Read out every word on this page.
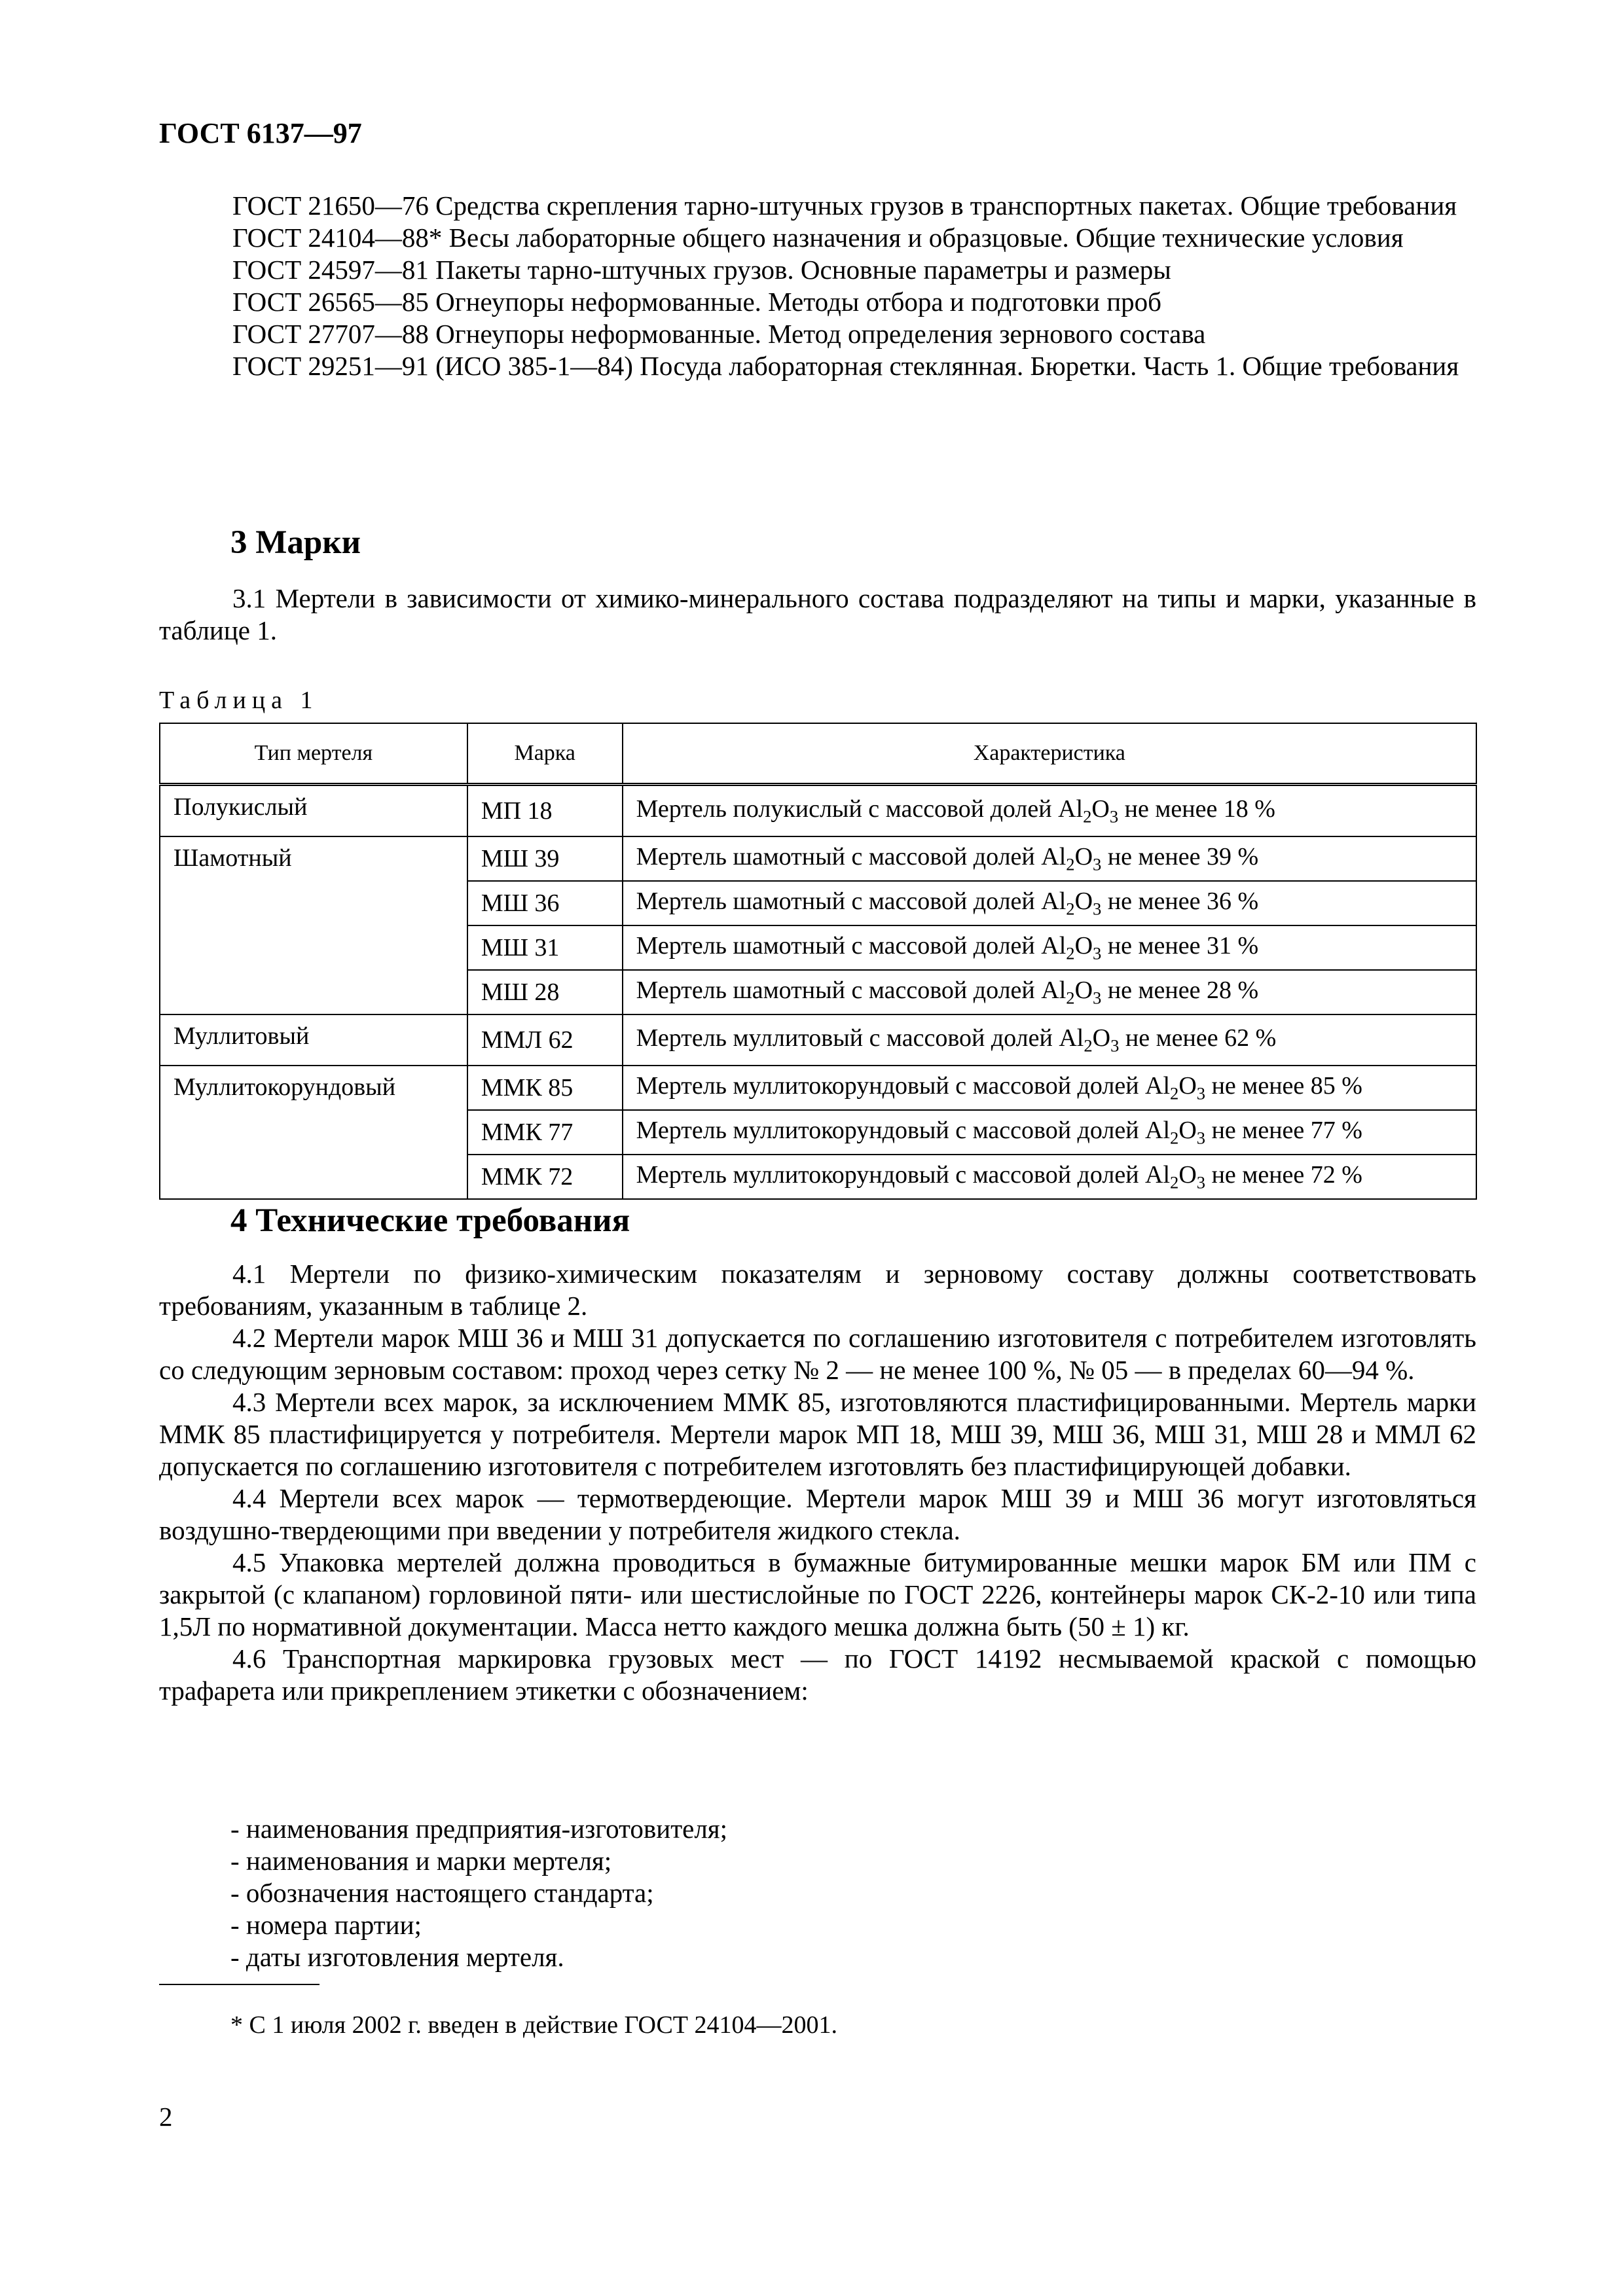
ГОСТ 6137—97

ГОСТ 21650—76 Средства скрепления тарно-штучных грузов в транспортных пакетах. Общие требования

ГОСТ 24104—88* Весы лабораторные общего назначения и образцовые. Общие технические условия

ГОСТ 24597—81 Пакеты тарно-штучных грузов. Основные параметры и размеры

ГОСТ 26565—85 Огнеупоры неформованные. Методы отбора и подготовки проб

ГОСТ 27707—88 Огнеупоры неформованные. Метод определения зернового состава

ГОСТ 29251—91 (ИСО 385-1—84) Посуда лабораторная стеклянная. Бюретки. Часть 1. Общие требования

3 Марки

3.1 Мертели в зависимости от химико-минерального состава подразделяют на типы и марки, указанные в таблице 1.

Таблица 1
Тип мертеля	Марка	Характеристика
Полукислый	МП 18	Мертель полукислый с массовой долей $Al_2O_3$ не менее 18 %
Шамотный	МШ 39	Мертель шамотный с массовой долей $Al_2O_3$ не менее 39 %
	МШ 36	Мертель шамотный с массовой долей $Al_2O_3$ не менее 36 %
	МШ 31	Мертель шамотный с массовой долей $Al_2O_3$ не менее 31 %
	МШ 28	Мертель шамотный с массовой долей $Al_2O_3$ не менее 28 %
Муллитовый	ММЛ 62	Мертель муллитовый с массовой долей $Al_2O_3$ не менее 62 %
Муллитокорундовый	ММК 85	Мертель муллитокорундовый с массовой долей $Al_2O_3$ не менее 85 %
	ММК 77	Мертель муллитокорундовый с массовой долей $Al_2O_3$ не менее 77 %
	ММК 72	Мертель муллитокорундовый с массовой долей $Al_2O_3$ не менее 72 %
4 Технические требования

4.1 Мертели по физико-химическим показателям и зерновому составу должны соответствовать требованиям, указанным в таблице 2.

4.2 Мертели марок МШ 36 и МШ 31 допускается по соглашению изготовителя с потребителем изготовлять со следующим зерновым составом: проход через сетку № 2 — не менее 100 %, № 05 — в пределах 60—94 %.

4.3 Мертели всех марок, за исключением ММК 85, изготовляются пластифицированными. Мертель марки ММК 85 пластифицируется у потребителя. Мертели марок МП 18, МШ 39, МШ 36, МШ 31, МШ 28 и ММЛ 62 допускается по соглашению изготовителя с потребителем изготовлять без пластифицирующей добавки.

4.4 Мертели всех марок — термотвердеющие. Мертели марок МШ 39 и МШ 36 могут изготовляться воздушно-твердеющими при введении у потребителя жидкого стекла.

4.5 Упаковка мертелей должна проводиться в бумажные битумированные мешки марок БМ или ПМ с закрытой (с клапаном) горловиной пяти- или шестислойные по ГОСТ 2226, контейнеры марок СК-2-10 или типа 1,5Л по нормативной документации. Масса нетто каждого мешка должна быть (50 ± 1) кг.

4.6 Транспортная маркировка грузовых мест — по ГОСТ 14192 несмываемой краской с помощью трафарета или прикреплением этикетки с обозначением:

- наименования предприятия-изготовителя;

- наименования и марки мертеля;

- обозначения настоящего стандарта;

- номера партии;

- даты изготовления мертеля.

* С 1 июля 2002 г. введен в действие ГОСТ 24104—2001.
2
